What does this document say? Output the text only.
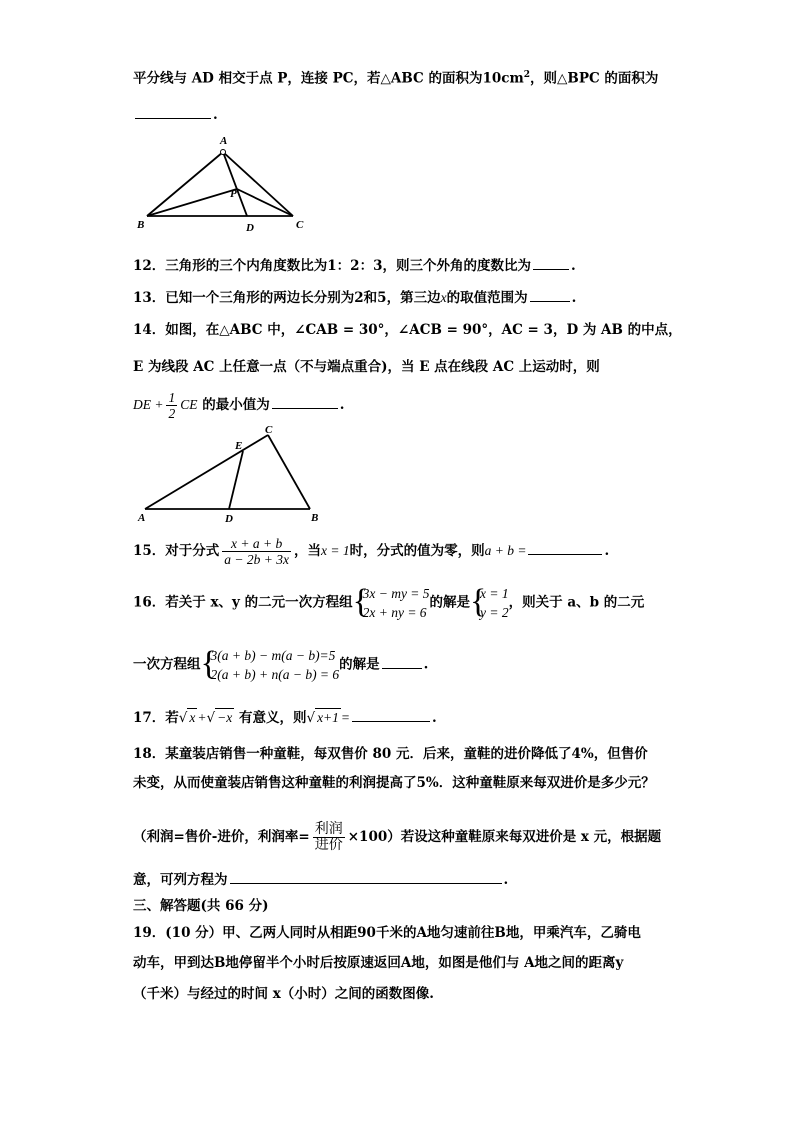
平分线与 AD 相交于点 P，连接 PC，若△ABC 的面积为$10cm^2$，则△BPC 的面积为
.
A
B	C
D
P
12．三角形的三个内角度数比为1：2：3，则三个外角的度数比为	.
13．已知一个三角形的两边长分别为2和5，第三边x的取值范围为	.
14．如图，在△ABC 中，∠CAB = 30°，∠ACB = 90°，AC = 3，D 为 AB 的中点，
E 为线段 AC 上任意一点（不与端点重合)，当 E 点在线段 AC 上运动时，则
DE + $\frac{1}{2}$ CE 的最小值为	.
A	B
C
D
E
15．对于分式 $\frac{x + a + b}{a - 2b + 3x}$ ，当x = 1时，分式的值为零，则a + b =	.
16．若关于 x、y 的二元一次方程组 {
3x − my = 5
2x + ny = 6
的解是 {
x = 1
y = 2
，则关于 a、b 的二元
一次方程组 {
3(a + b) − m(a − b)=5
2(a + b) + n(a − b) = 6
的解是	.
17．若√ x +√ −x 有意义，则√ x+1 =	.
18．某童装店销售一种童鞋，每双售价 80 元．后来，童鞋的进价降低了4%，但售价
未变，从而使童装店销售这种童鞋的利润提高了5%．这种童鞋原来每双进价是多少元？
（利润=售价-进价，利润率= $\frac{\text{利润}}{\text{进价}} \times 100$）若设这种童鞋原来每双进价是 x 元，根据题
意，可列方程为	.
三、解答题(共 66 分)
19．(10 分）甲、乙两人同时从相距90千米的A地匀速前往B地，甲乘汽车，乙骑电
动车，甲到达B地停留半个小时后按原速返回A地，如图是他们与 A地之间的距离y
（千米）与经过的时间 x（小时）之间的函数图像.
